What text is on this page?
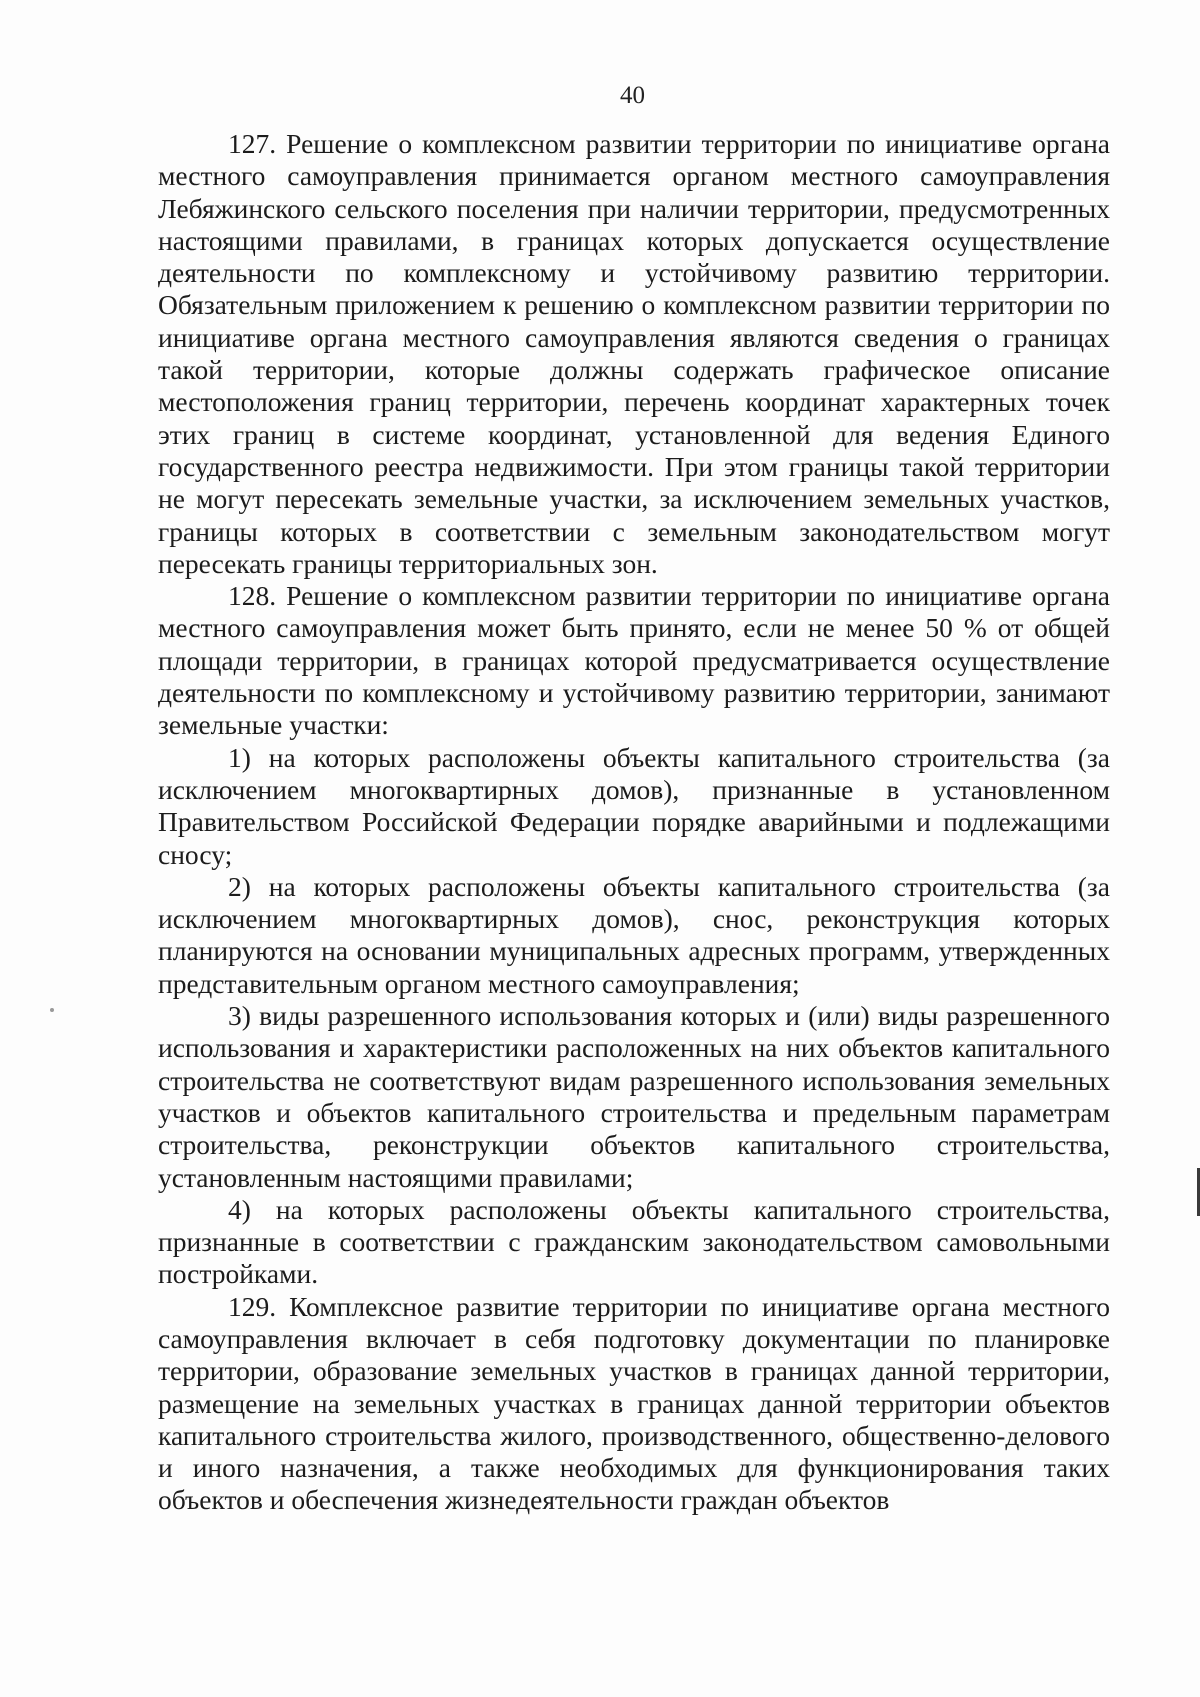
40

127. Решение о комплексном развитии территории по инициативе органа местного самоуправления принимается органом местного самоуправления Лебяжинского сельского поселения при наличии территории, предусмотренных настоящими правилами, в границах которых допускается осуществление деятельности по комплексному и устойчивому развитию территории. Обязательным приложением к решению о комплексном развитии территории по инициативе органа местного самоуправления являются сведения о границах такой территории, которые должны содержать графическое описание местоположения границ территории, перечень координат характерных точек этих границ в системе координат, установленной для ведения Единого государственного реестра недвижимости. При этом границы такой территории не могут пересекать земельные участки, за исключением земельных участков, границы которых в соответствии с земельным законодательством могут пересекать границы территориальных зон.

128. Решение о комплексном развитии территории по инициативе органа местного самоуправления может быть принято, если не менее 50 % от общей площади территории, в границах которой предусматривается осуществление деятельности по комплексному и устойчивому развитию территории, занимают земельные участки:

1) на которых расположены объекты капитального строительства (за исключением многоквартирных домов), признанные в установленном Правительством Российской Федерации порядке аварийными и подлежащими сносу;

2) на которых расположены объекты капитального строительства (за исключением многоквартирных домов), снос, реконструкция которых планируются на основании муниципальных адресных программ, утвержденных представительным органом местного самоуправления;

3) виды разрешенного использования которых и (или) виды разрешенного использования и характеристики расположенных на них объектов капитального строительства не соответствуют видам разрешенного использования земельных участков и объектов капитального строительства и предельным параметрам строительства, реконструкции объектов капитального строительства, установленным настоящими правилами;

4) на которых расположены объекты капитального строительства, признанные в соответствии с гражданским законодательством самовольными постройками.

129. Комплексное развитие территории по инициативе органа местного самоуправления включает в себя подготовку документации по планировке территории, образование земельных участков в границах данной территории, размещение на земельных участках в границах данной территории объектов капитального строительства жилого, производственного, общественно-делового и иного назначения, а также необходимых для функционирования таких объектов и обеспечения жизнедеятельности граждан объектов
